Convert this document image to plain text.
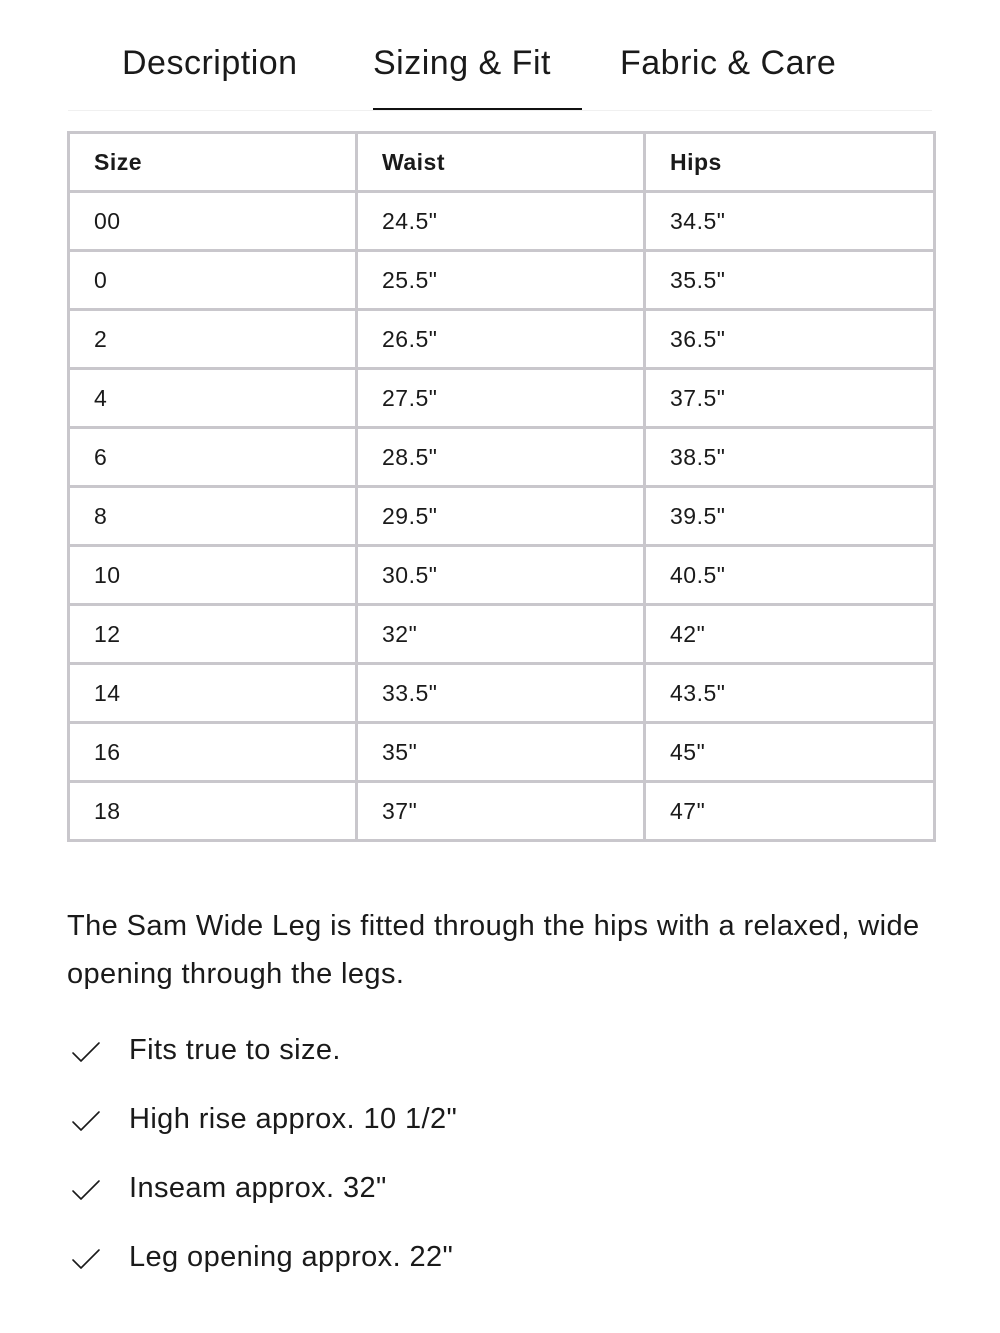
Description Sizing & Fit Fabric & Care
Size	Waist	Hips
00	24.5"	34.5"
0	25.5"	35.5"
2	26.5"	36.5"
4	27.5"	37.5"
6	28.5"	38.5"
8	29.5"	39.5"
10	30.5"	40.5"
12	32"	42"
14	33.5"	43.5"
16	35"	45"
18	37"	47"

The Sam Wide Leg is fitted through the hips with a relaxed, wide opening through the legs.

Fits true to size.
High rise approx. 10 1/2"
Inseam approx. 32"
Leg opening approx. 22"
